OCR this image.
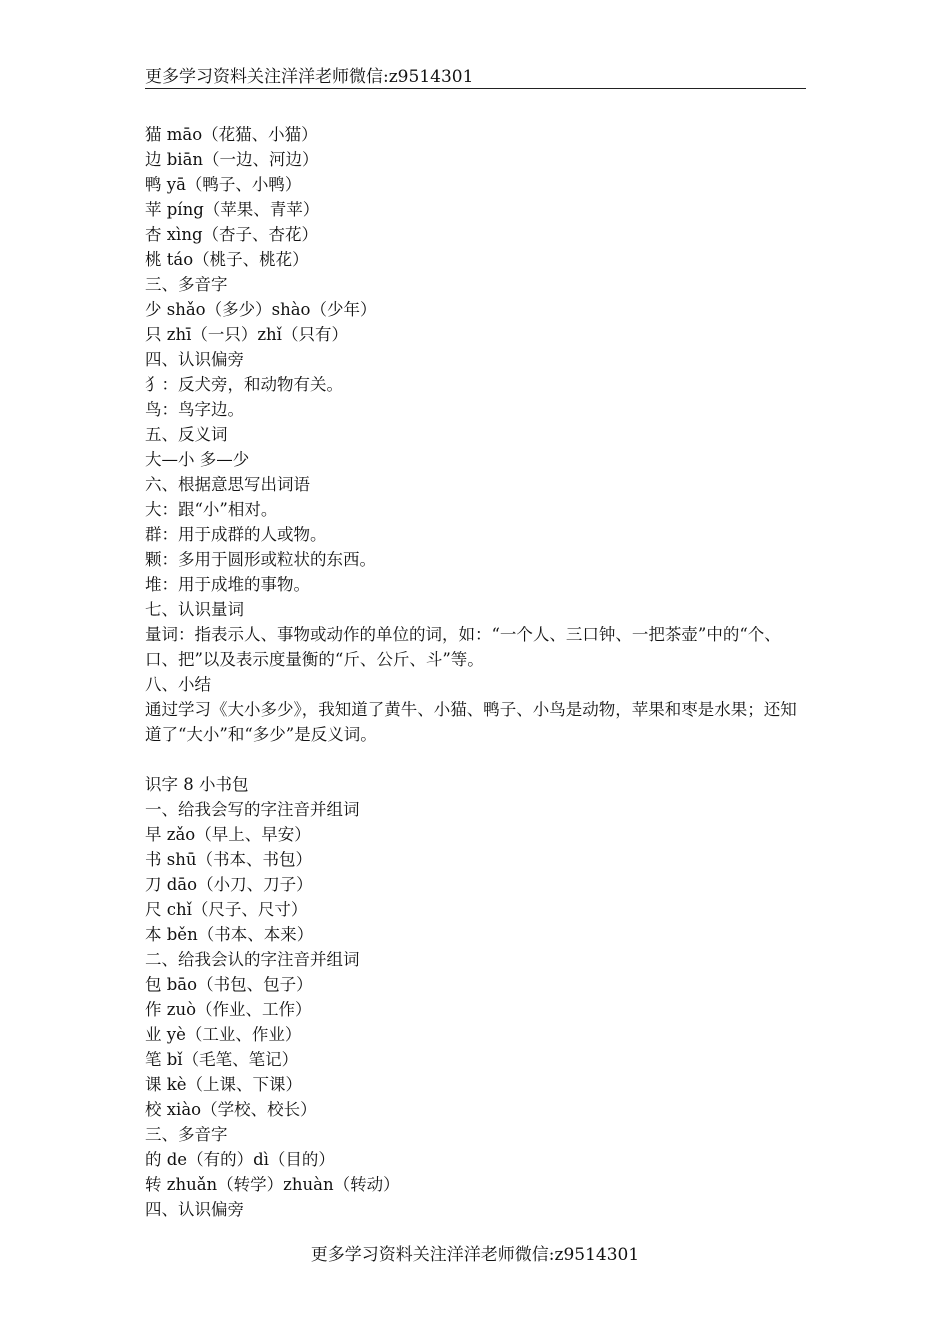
更多学习资料关注洋洋老师微信:z9514301
猫 māo（花猫、小猫）
边 biān（一边、河边）
鸭 yā（鸭子、小鸭）
苹 píng（苹果、青苹）
杏 xìng（杏子、杏花）
桃 táo（桃子、桃花）
三、多音字
少 shǎo（多少）shào（少年）
只 zhī（一只）zhǐ（只有）
四、认识偏旁
犭：反犬旁，和动物有关。
鸟：鸟字边。
五、反义词
大—小 多—少
六、根据意思写出词语
大：跟“小”相对。
群：用于成群的人或物。
颗：多用于圆形或粒状的东西。
堆：用于成堆的事物。
七、认识量词
量词：指表示人、事物或动作的单位的词，如：“一个人、三口钟、一把茶壶”中的“个、口、把”以及表示度量衡的“斤、公斤、斗”等。
八、小结
通过学习《大小多少》，我知道了黄牛、小猫、鸭子、小鸟是动物，苹果和枣是水果；还知道了“大小”和“多少”是反义词。
识字 8 小书包
一、给我会写的字注音并组词
早 zǎo（早上、早安）
书 shū（书本、书包）
刀 dāo（小刀、刀子）
尺 chǐ（尺子、尺寸）
本 běn（书本、本来）
二、给我会认的字注音并组词
包 bāo（书包、包子）
作 zuò（作业、工作）
业 yè（工业、作业）
笔 bǐ（毛笔、笔记）
课 kè（上课、下课）
校 xiào（学校、校长）
三、多音字
的 de（有的）dì（目的）
转 zhuǎn（转学）zhuàn（转动）
四、认识偏旁
更多学习资料关注洋洋老师微信:z9514301
